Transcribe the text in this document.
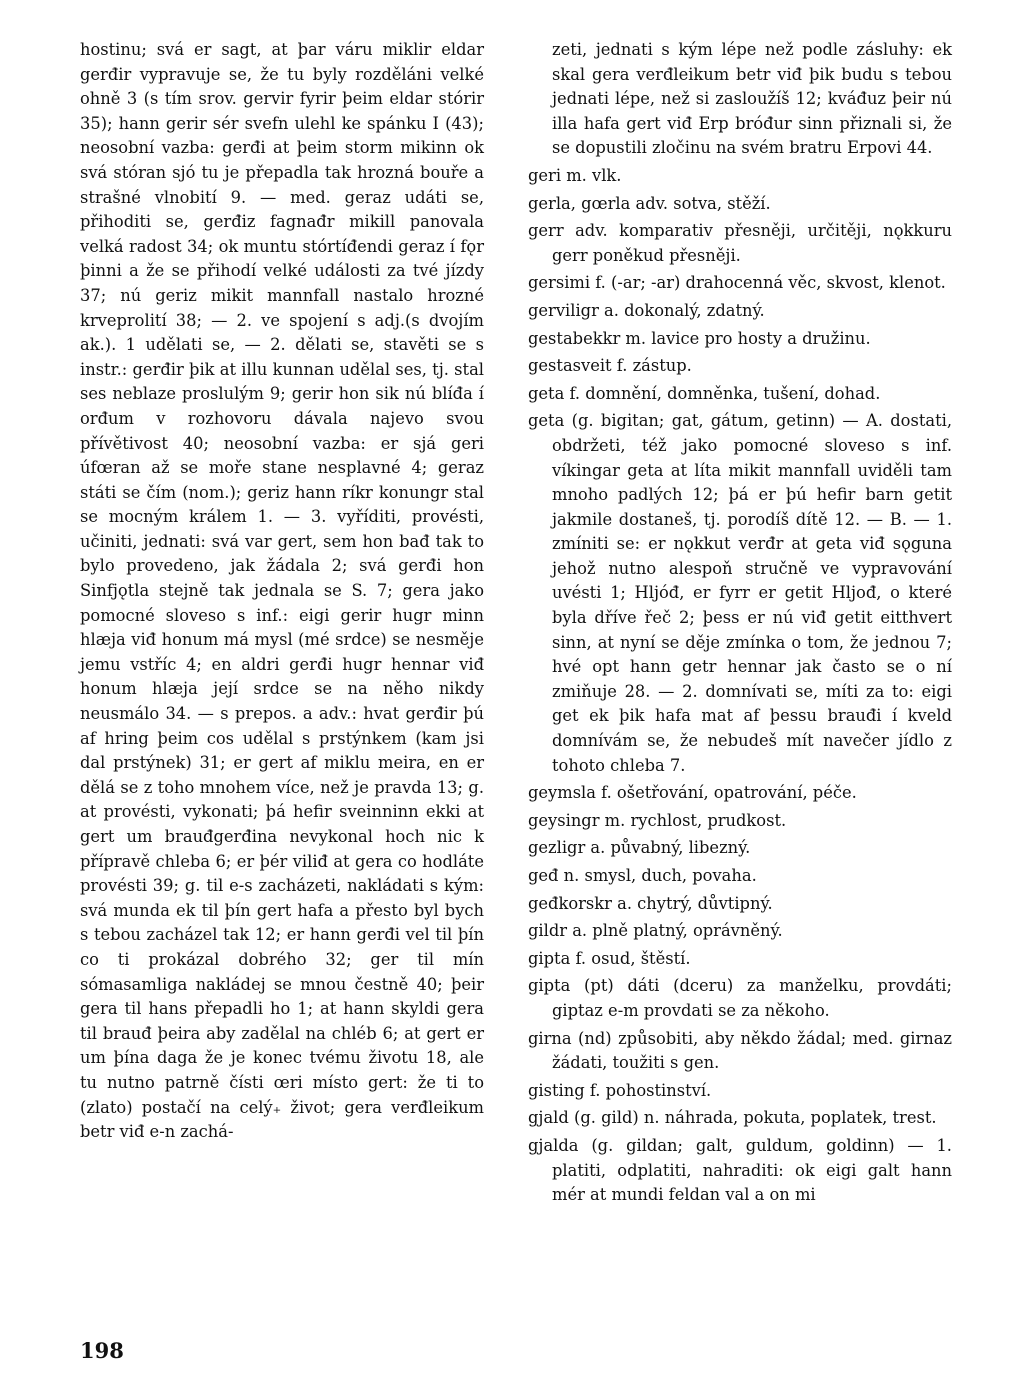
hostinu; svá er sagt, at þar váru miklir eldar gerđir vypravuje se, že tu byly rozděláni velké ohně 3 (s tím srov. gervir fyrir þeim eldar stórir 35); hann gerir sér svefn ulehl ke spánku I (43); neosobní vazba: gerđi at þeim storm mikinn ok svá stóran sjó tu je přepadla tak hrozná bouře a strašné vlnobití 9. — med. geraz udáti se, přihoditi se, gerđiz fagnađr mikill panovala velká radost 34; ok muntu stórtíđendi geraz í fǫr þinni a že se přihodí velké události za tvé jízdy 37; nú geriz mikit mannfall nastalo hrozné krveprolití 38; — 2. ve spojení s adj.(s dvojím ak.). 1 udělati se, — 2. dělati se, stavěti se s instr.: gerđir þik at illu kunnan udělal ses, tj. stal ses neblaze proslulým 9; gerir hon sik nú blíđa í orđum v rozhovoru dávala najevo svou přívětivost 40; neosobní vazba: er sjá geri úfœran až se moře stane nesplavné 4; geraz státi se čím (nom.); geriz hann ríkr konungr stal se mocným králem 1. — 3. vyříditi, provésti, učiniti, jednati: svá var gert, sem hon bađ tak to bylo provedeno, jak žádala 2; svá gerđi hon Sinfjǫtla stejně tak jednala se S. 7; gera jako pomocné sloveso s inf.: eigi gerir hugr minn hlæja viđ honum má mysl (mé srdce) se nesměje jemu vstříc 4; en aldri gerđi hugr hennar viđ honum hlæja její srdce se na něho nikdy neusmálo 34. — s prepos. a adv.: hvat gerđir þú af hring þeim cos udělal s prstýnkem (kam jsi dal prstýnek) 31; er gert af miklu meira, en er dělá se z toho mnohem více, než je pravda 13; g. at provésti, vykonati; þá hefir sveinninn ekki at gert um brauđgerđina nevykonal hoch nic k přípravě chleba 6; er þér viliđ at gera co hodláte provésti 39; g. til e-s zacházeti, nakládati s kým: svá munda ek til þín gert hafa a přesto byl bych s tebou zacházel tak 12; er hann gerđi vel til þín co ti prokázal dobrého 32; ger til mín sómasamliga nakládej se mnou čestně 40; þeir gera til hans přepadli ho 1; at hann skyldi gera til brauđ þeira aby zadělal na chléb 6; at gert er um þína daga že je konec tvému životu 18, ale tu nutno patrně čísti œri místo gert: že ti to (zlato) postačí na celý₊ život; gera verđleikum betr viđ e-n zachá-

zeti, jednati s kým lépe než podle zásluhy: ek skal gera verđleikum betr viđ þik budu s tebou jednati lépe, než si zasloužíš 12; kváđuz þeir nú illa hafa gert viđ Erp bróđur sinn přiznali si, že se dopustili zločinu na svém bratru Erpovi 44.

geri m. vlk.

gerla, gœrla adv. sotva, stěží.

gerr adv. komparativ přesněji, určitěji, nǫkkuru gerr poněkud přesněji.

gersimi f. (-ar; -ar) drahocenná věc, skvost, klenot.

gerviligr a. dokonalý, zdatný.

gestabekkr m. lavice pro hosty a družinu.

gestasveit f. zástup.

geta f. domnění, domněnka, tušení, dohad.

geta (g. bigitan; gat, gátum, getinn) — A. dostati, obdržeti, též jako pomocné sloveso s inf. víkingar geta at líta mikit mannfall uviděli tam mnoho padlých 12; þá er þú hefir barn getit jakmile dostaneš, tj. porodíš dítě 12. — B. — 1. zmíniti se: er nǫkkut verđr at geta viđ sǫguna jehož nutno alespoň stručně ve vypravování uvésti 1; Hljóđ, er fyrr er getit Hljođ, o které byla dříve řeč 2; þess er nú viđ getit eitthvert sinn, at nyní se děje zmínka o tom, že jednou 7; hvé opt hann getr hennar jak často se o ní zmiňuje 28. — 2. domnívati se, míti za to: eigi get ek þik hafa mat af þessu brauđi í kveld domnívám se, že nebudeš mít navečer jídlo z tohoto chleba 7.

geymsla f. ošetřování, opatrování, péče.

geysingr m. rychlost, prudkost.

gezligr a. půvabný, libezný.

geđ n. smysl, duch, povaha.

geđkorskr a. chytrý, důvtipný.

gildr a. plně platný, oprávněný.

gipta f. osud, štěstí.

gipta (pt) dáti (dceru) za manželku, provdáti; giptaz e-m provdati se za někoho.

girna (nd) způsobiti, aby někdo žádal; med. girnaz žádati, toužiti s gen.

gisting f. pohostinství.

gjald (g. gild) n. náhrada, pokuta, poplatek, trest.

gjalda (g. gildan; galt, guldum, goldinn) — 1. platiti, odplatiti, nahraditi: ok eigi galt hann mér at mundi feldan val a on mi

198
